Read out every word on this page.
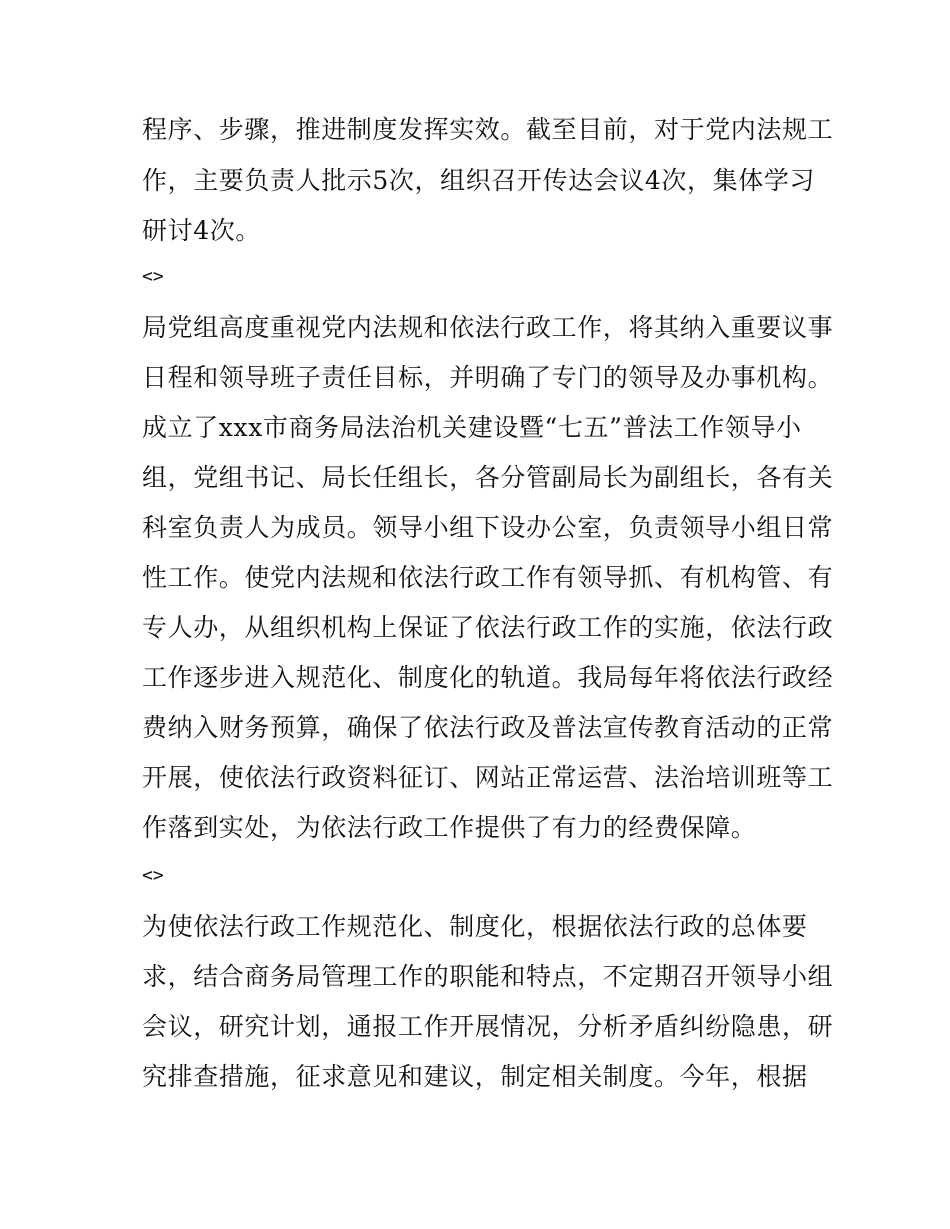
程序、步骤，推进制度发挥实效。截至目前，对于党内法规工
作，主要负责人批示5次，组织召开传达会议4次，集体学习
研讨4次。
<>
局党组高度重视党内法规和依法行政工作，将其纳入重要议事
日程和领导班子责任目标，并明确了专门的领导及办事机构。
成立了xxx市商务局法治机关建设暨“七五”普法工作领导小
组，党组书记、局长任组长，各分管副局长为副组长，各有关
科室负责人为成员。领导小组下设办公室，负责领导小组日常
性工作。使党内法规和依法行政工作有领导抓、有机构管、有
专人办，从组织机构上保证了依法行政工作的实施，依法行政
工作逐步进入规范化、制度化的轨道。我局每年将依法行政经
费纳入财务预算，确保了依法行政及普法宣传教育活动的正常
开展，使依法行政资料征订、网站正常运营、法治培训班等工
作落到实处，为依法行政工作提供了有力的经费保障。
<>
为使依法行政工作规范化、制度化，根据依法行政的总体要
求，结合商务局管理工作的职能和特点，不定期召开领导小组
会议，研究计划，通报工作开展情况，分析矛盾纠纷隐患，研
究排查措施，征求意见和建议，制定相关制度。今年，根据
